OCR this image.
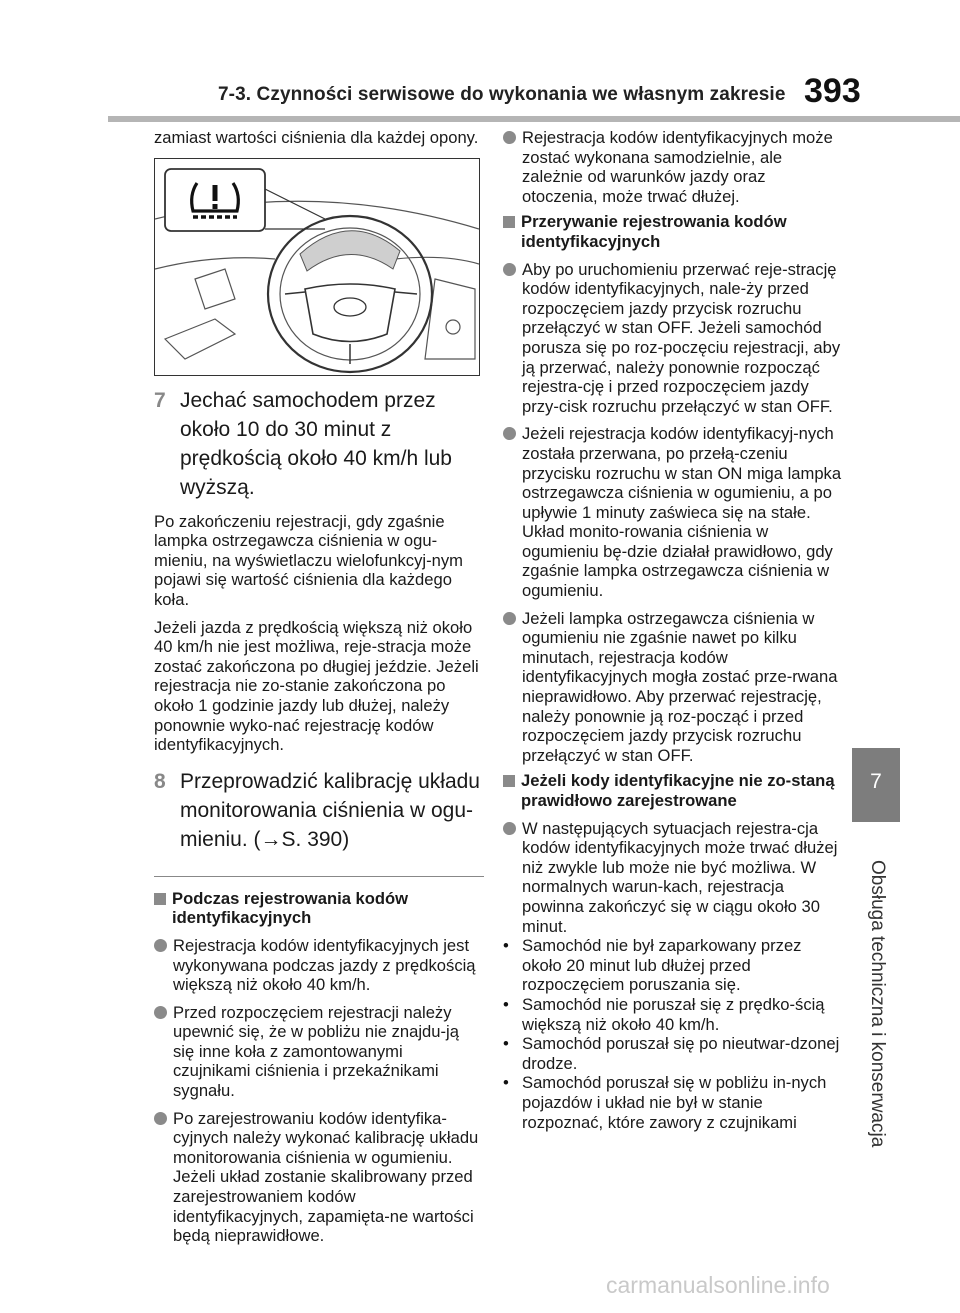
7-3. Czynności serwisowe do wykonania we własnym zakresie 393
7
Obsługa techniczna i konserwacja
zamiast wartości ciśnienia dla każdej opony.
7 Jechać samochodem przez około 10 do 30 minut z prędkością około 40 km/h lub wyższą.
Po zakończeniu rejestracji, gdy zgaśnie lampka ostrzegawcza ciśnienia w ogu-mieniu, na wyświetlaczu wielofunkcyj-nym pojawi się wartość ciśnienia dla każdego koła.
Jeżeli jazda z prędkością większą niż około 40 km/h nie jest możliwa, reje-stracja może zostać zakończona po długiej jeździe. Jeżeli rejestracja nie zo-stanie zakończona po około 1 godzinie jazdy lub dłużej, należy ponownie wyko-nać rejestrację kodów identyfikacyjnych.
8 Przeprowadzić kalibrację układu monitorowania ciśnienia w ogu-mieniu. (→S. 390)
Podczas rejestrowania kodów identyfikacyjnych
Rejestracja kodów identyfikacyjnych jest wykonywana podczas jazdy z prędkością większą niż około 40 km/h.
Przed rozpoczęciem rejestracji należy upewnić się, że w pobliżu nie znajdu-ją się inne koła z zamontowanymi czujnikami ciśnienia i przekaźnikami sygnału.
Po zarejestrowaniu kodów identyfika-cyjnych należy wykonać kalibrację układu monitorowania ciśnienia w ogumieniu. Jeżeli układ zostanie skalibrowany przed zarejestrowaniem kodów identyfikacyjnych, zapamięta-ne wartości będą nieprawidłowe.
Rejestracja kodów identyfikacyjnych może zostać wykonana samodzielnie, ale zależnie od warunków jazdy oraz otoczenia, może trwać dłużej.
Przerywanie rejestrowania kodów identyfikacyjnych
Aby po uruchomieniu przerwać reje-strację kodów identyfikacyjnych, nale-ży przed rozpoczęciem jazdy przycisk rozruchu przełączyć w stan OFF. Jeżeli samochód porusza się po roz-poczęciu rejestracji, aby ją przerwać, należy ponownie rozpocząć rejestra-cję i przed rozpoczęciem jazdy przy-cisk rozruchu przełączyć w stan OFF.
Jeżeli rejestracja kodów identyfikacyj-nych została przerwana, po przełą-czeniu przycisku rozruchu w stan ON miga lampka ostrzegawcza ciśnienia w ogumieniu, a po upływie 1 minuty zaświeca się na stałe. Układ monito-rowania ciśnienia w ogumieniu bę-dzie działał prawidłowo, gdy zgaśnie lampka ostrzegawcza ciśnienia w ogumieniu.
Jeżeli lampka ostrzegawcza ciśnienia w ogumieniu nie zgaśnie nawet po kilku minutach, rejestracja kodów identyfikacyjnych mogła zostać prze-rwana nieprawidłowo. Aby przerwać rejestrację, należy ponownie ją roz-począć i przed rozpoczęciem jazdy przycisk rozruchu przełączyć w stan OFF.
Jeżeli kody identyfikacyjne nie zo-staną prawidłowo zarejestrowane
W następujących sytuacjach rejestra-cja kodów identyfikacyjnych może trwać dłużej niż zwykle lub może nie być możliwa. W normalnych warun-kach, rejestracja powinna zakończyć się w ciągu około 30 minut.
• Samochód nie był zaparkowany przez około 20 minut lub dłużej przed rozpoczęciem poruszania się.
• Samochód nie poruszał się z prędko-ścią większą niż około 40 km/h.
• Samochód poruszał się po nieutwar-dzonej drodze.
• Samochód poruszał się w pobliżu in-nych pojazdów i układ nie był w stanie rozpoznać, które zawory z czujnikami
carmanualsonline.info
